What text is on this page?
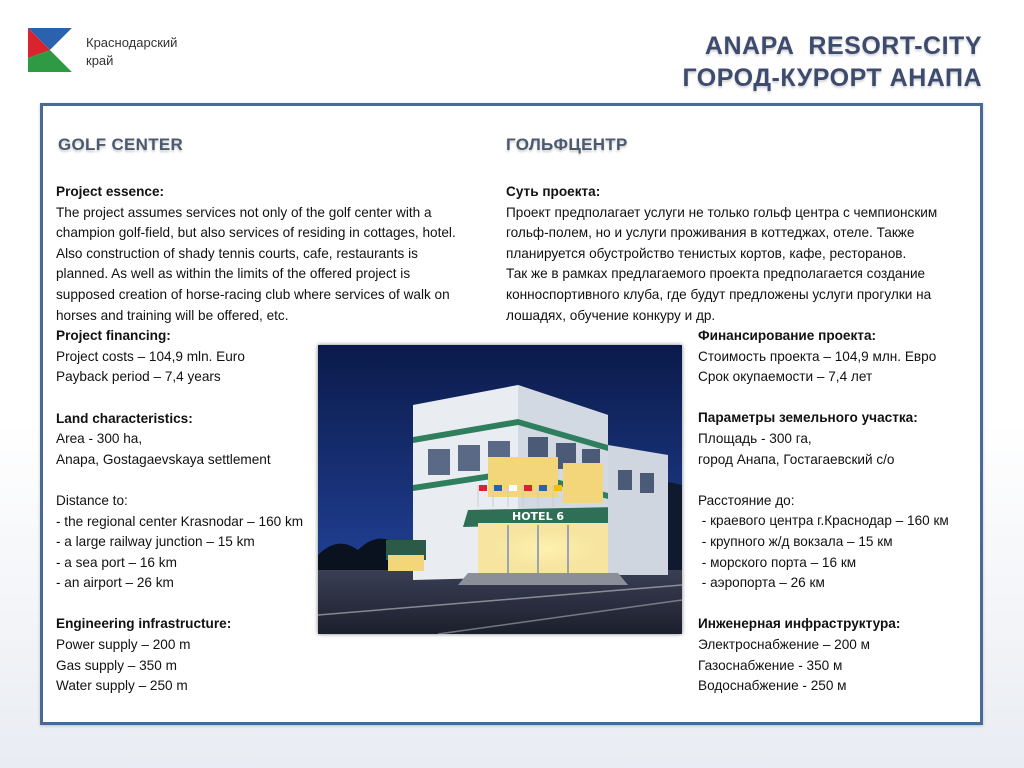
Краснодарский
край
ANAPA  RESORT-CITY
ГОРОД-КУРОРТ АНАПА
GOLF CENTER	ГОЛЬФЦЕНТР
Project essence:
The project assumes services not only of the golf center with a
champion golf-field, but also services of residing in cottages, hotel.
Also construction of shady tennis courts, cafe, restaurants is
planned. As well as within the limits of the offered project is
supposed creation of horse-racing club where services of walk on
horses and training will be offered, etc.
Project financing:
Project costs – 104,9 mln. Euro
Payback period – 7,4 years
Land characteristics:
Area - 300 ha,
Anapa, Gostagaevskaya settlement
Distance to:
- the regional center Krasnodar – 160 km
- a large railway junction – 15 km
- a sea port – 16 km
- an airport – 26 km
Engineering infrastructure:
Power supply – 200 m
Gas supply – 350 m
Water supply – 250 m
Суть проекта:
Проект предполагает услуги не только гольф центра с чемпионским
гольф-полем, но и услуги проживания в коттеджах, отеле. Также
планируется обустройство тенистых кортов, кафе, ресторанов.
Так же в рамках предлагаемого проекта предполагается создание
конноспортивного клуба, где будут предложены услуги прогулки на
лошадях, обучение конкуру и др.
Финансирование проекта:
Стоимость проекта – 104,9 млн. Евро
Срок окупаемости – 7,4 лет
Параметры земельного участка:
Площадь - 300 га,
город Анапа, Гостагаевский с/о
Расстояние до:
- краевого центра г.Краснодар – 160 км
- крупного ж/д вокзала – 15 км
- морского порта – 16 км
- аэропорта – 26 км
Инженерная инфраструктура:
Электроснабжение – 200 м
Газоснабжение - 350 м
Водоснабжение - 250 м
HOTEL 6
